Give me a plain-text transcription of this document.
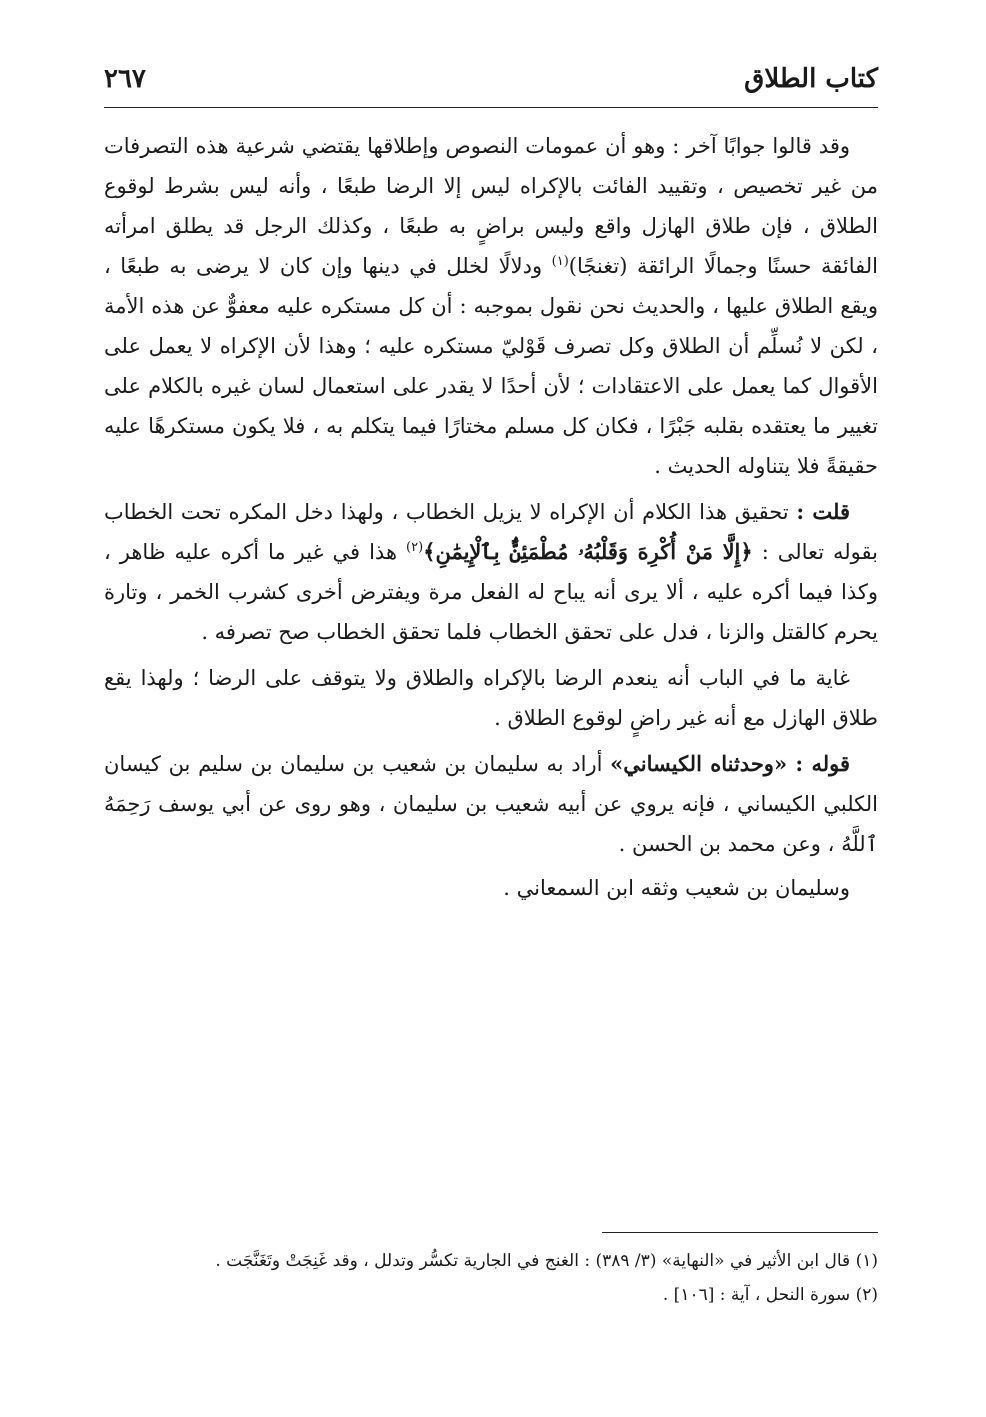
كتاب الطلاق
٢٦٧

وقد قالوا جوابًا آخر : وهو أن عمومات النصوص وإطلاقها يقتضي شرعية هذه التصرفات من غير تخصيص ، وتقييد الفائت بالإكراه ليس إلا الرضا طبعًا ، وأنه ليس بشرط لوقوع الطلاق ، فإن طلاق الهازل واقع وليس براضٍ به طبعًا ، وكذلك الرجل قد يطلق امرأته الفائقة حسنًا وجمالًا الرائقة (تغنجًا)$^{(١)}$ ودلالًا لخلل في دينها وإن كان لا يرضى به طبعًا ، ويقع الطلاق عليها ، والحديث نحن نقول بموجبه : أن كل مستكره عليه معفوٌّ عن هذه الأمة ، لكن لا نُسلِّم أن الطلاق وكل تصرف قَوْليّ مستكره عليه ؛ وهذا لأن الإكراه لا يعمل على الأقوال كما يعمل على الاعتقادات ؛ لأن أحدًا لا يقدر على استعمال لسان غيره بالكلام على تغيير ما يعتقده بقلبه جَبْرًا ، فكان كل مسلم مختارًا فيما يتكلم به ، فلا يكون مستكرهًا عليه حقيقةً فلا يتناوله الحديث .

قلت : تحقيق هذا الكلام أن الإكراه لا يزيل الخطاب ، ولهذا دخل المكره تحت الخطاب بقوله تعالى : ﴿إِلَّا مَنْ أُكْرِهَ وَقَلْبُهُۥ مُطْمَئِنٌّۢ بِٱلْإِيمَٰنِ﴾$^{(٢)}$ هذا في غير ما أكره عليه ظاهر ، وكذا فيما أكره عليه ، ألا يرى أنه يباح له الفعل مرة ويفترض أخرى كشرب الخمر ، وتارة يحرم كالقتل والزنا ، فدل على تحقق الخطاب فلما تحقق الخطاب صح تصرفه .

غاية ما في الباب أنه ينعدم الرضا بالإكراه والطلاق ولا يتوقف على الرضا ؛ ولهذا يقع طلاق الهازل مع أنه غير راضٍ لوقوع الطلاق .

قوله : «وحدثناه الكيساني» أراد به سليمان بن شعيب بن سليمان بن سليم بن كيسان الكلبي الكيساني ، فإنه يروي عن أبيه شعيب بن سليمان ، وهو روى عن أبي يوسف رَحِمَهُ ٱللَّهُ ، وعن محمد بن الحسن .

وسليمان بن شعيب وثقه ابن السمعاني .

(١) قال ابن الأثير في «النهاية» (٣/ ٣٨٩) : الغنج في الجارية تكسُّر وتدلل ، وقد غَنِجَتْ وتَغَنَّجَت .
(٢) سورة النحل ، آية : [١٠٦] .
